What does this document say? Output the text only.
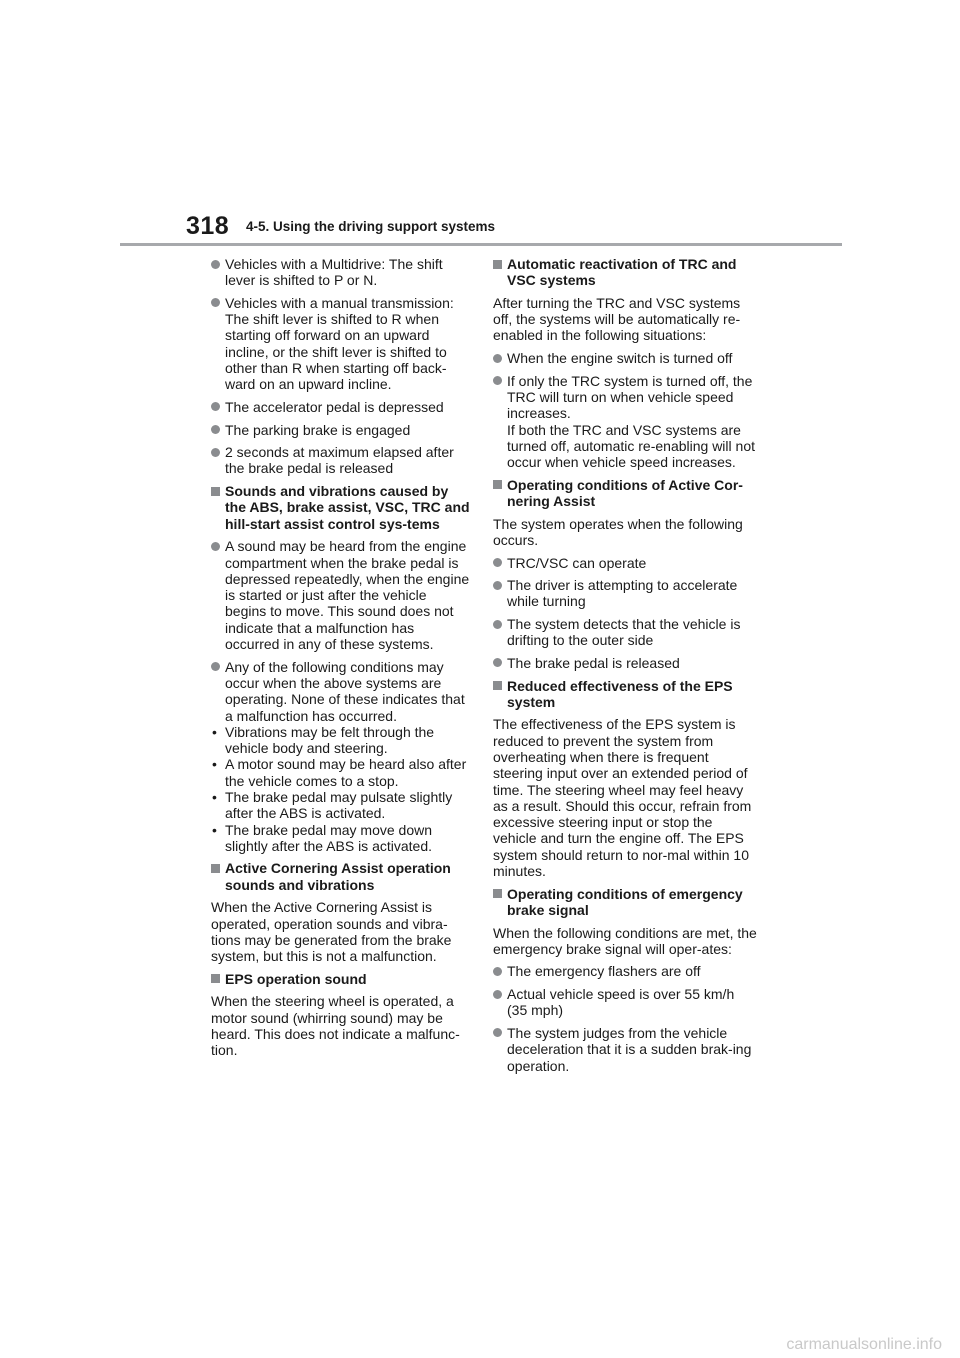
318 4-5. Using the driving support systems
Vehicles with a Multidrive: The shift lever is shifted to P or N.
Vehicles with a manual transmission: The shift lever is shifted to R when starting off forward on an upward incline, or the shift lever is shifted to other than R when starting off back-ward on an upward incline.
The accelerator pedal is depressed
The parking brake is engaged
2 seconds at maximum elapsed after the brake pedal is released
Sounds and vibrations caused by the ABS, brake assist, VSC, TRC and hill-start assist control sys-tems
A sound may be heard from the engine compartment when the brake pedal is depressed repeatedly, when the engine is started or just after the vehicle begins to move. This sound does not indicate that a malfunction has occurred in any of these systems.
Any of the following conditions may occur when the above systems are operating. None of these indicates that a malfunction has occurred.
• Vibrations may be felt through the vehicle body and steering.
• A motor sound may be heard also after the vehicle comes to a stop.
• The brake pedal may pulsate slightly after the ABS is activated.
• The brake pedal may move down slightly after the ABS is activated.
Active Cornering Assist operation sounds and vibrations
When the Active Cornering Assist is operated, operation sounds and vibra-tions may be generated from the brake system, but this is not a malfunction.
EPS operation sound
When the steering wheel is operated, a motor sound (whirring sound) may be heard. This does not indicate a malfunc-tion.
Automatic reactivation of TRC and VSC systems
After turning the TRC and VSC systems off, the systems will be automatically re-enabled in the following situations:
When the engine switch is turned off
If only the TRC system is turned off, the TRC will turn on when vehicle speed increases.
If both the TRC and VSC systems are turned off, automatic re-enabling will not occur when vehicle speed increases.
Operating conditions of Active Cor-nering Assist
The system operates when the following occurs.
TRC/VSC can operate
The driver is attempting to accelerate while turning
The system detects that the vehicle is drifting to the outer side
The brake pedal is released
Reduced effectiveness of the EPS system
The effectiveness of the EPS system is reduced to prevent the system from overheating when there is frequent steering input over an extended period of time. The steering wheel may feel heavy as a result. Should this occur, refrain from excessive steering input or stop the vehicle and turn the engine off. The EPS system should return to nor-mal within 10 minutes.
Operating conditions of emergency brake signal
When the following conditions are met, the emergency brake signal will oper-ates:
The emergency flashers are off
Actual vehicle speed is over 55 km/h (35 mph)
The system judges from the vehicle deceleration that it is a sudden brak-ing operation.
carmanualsonline.info
